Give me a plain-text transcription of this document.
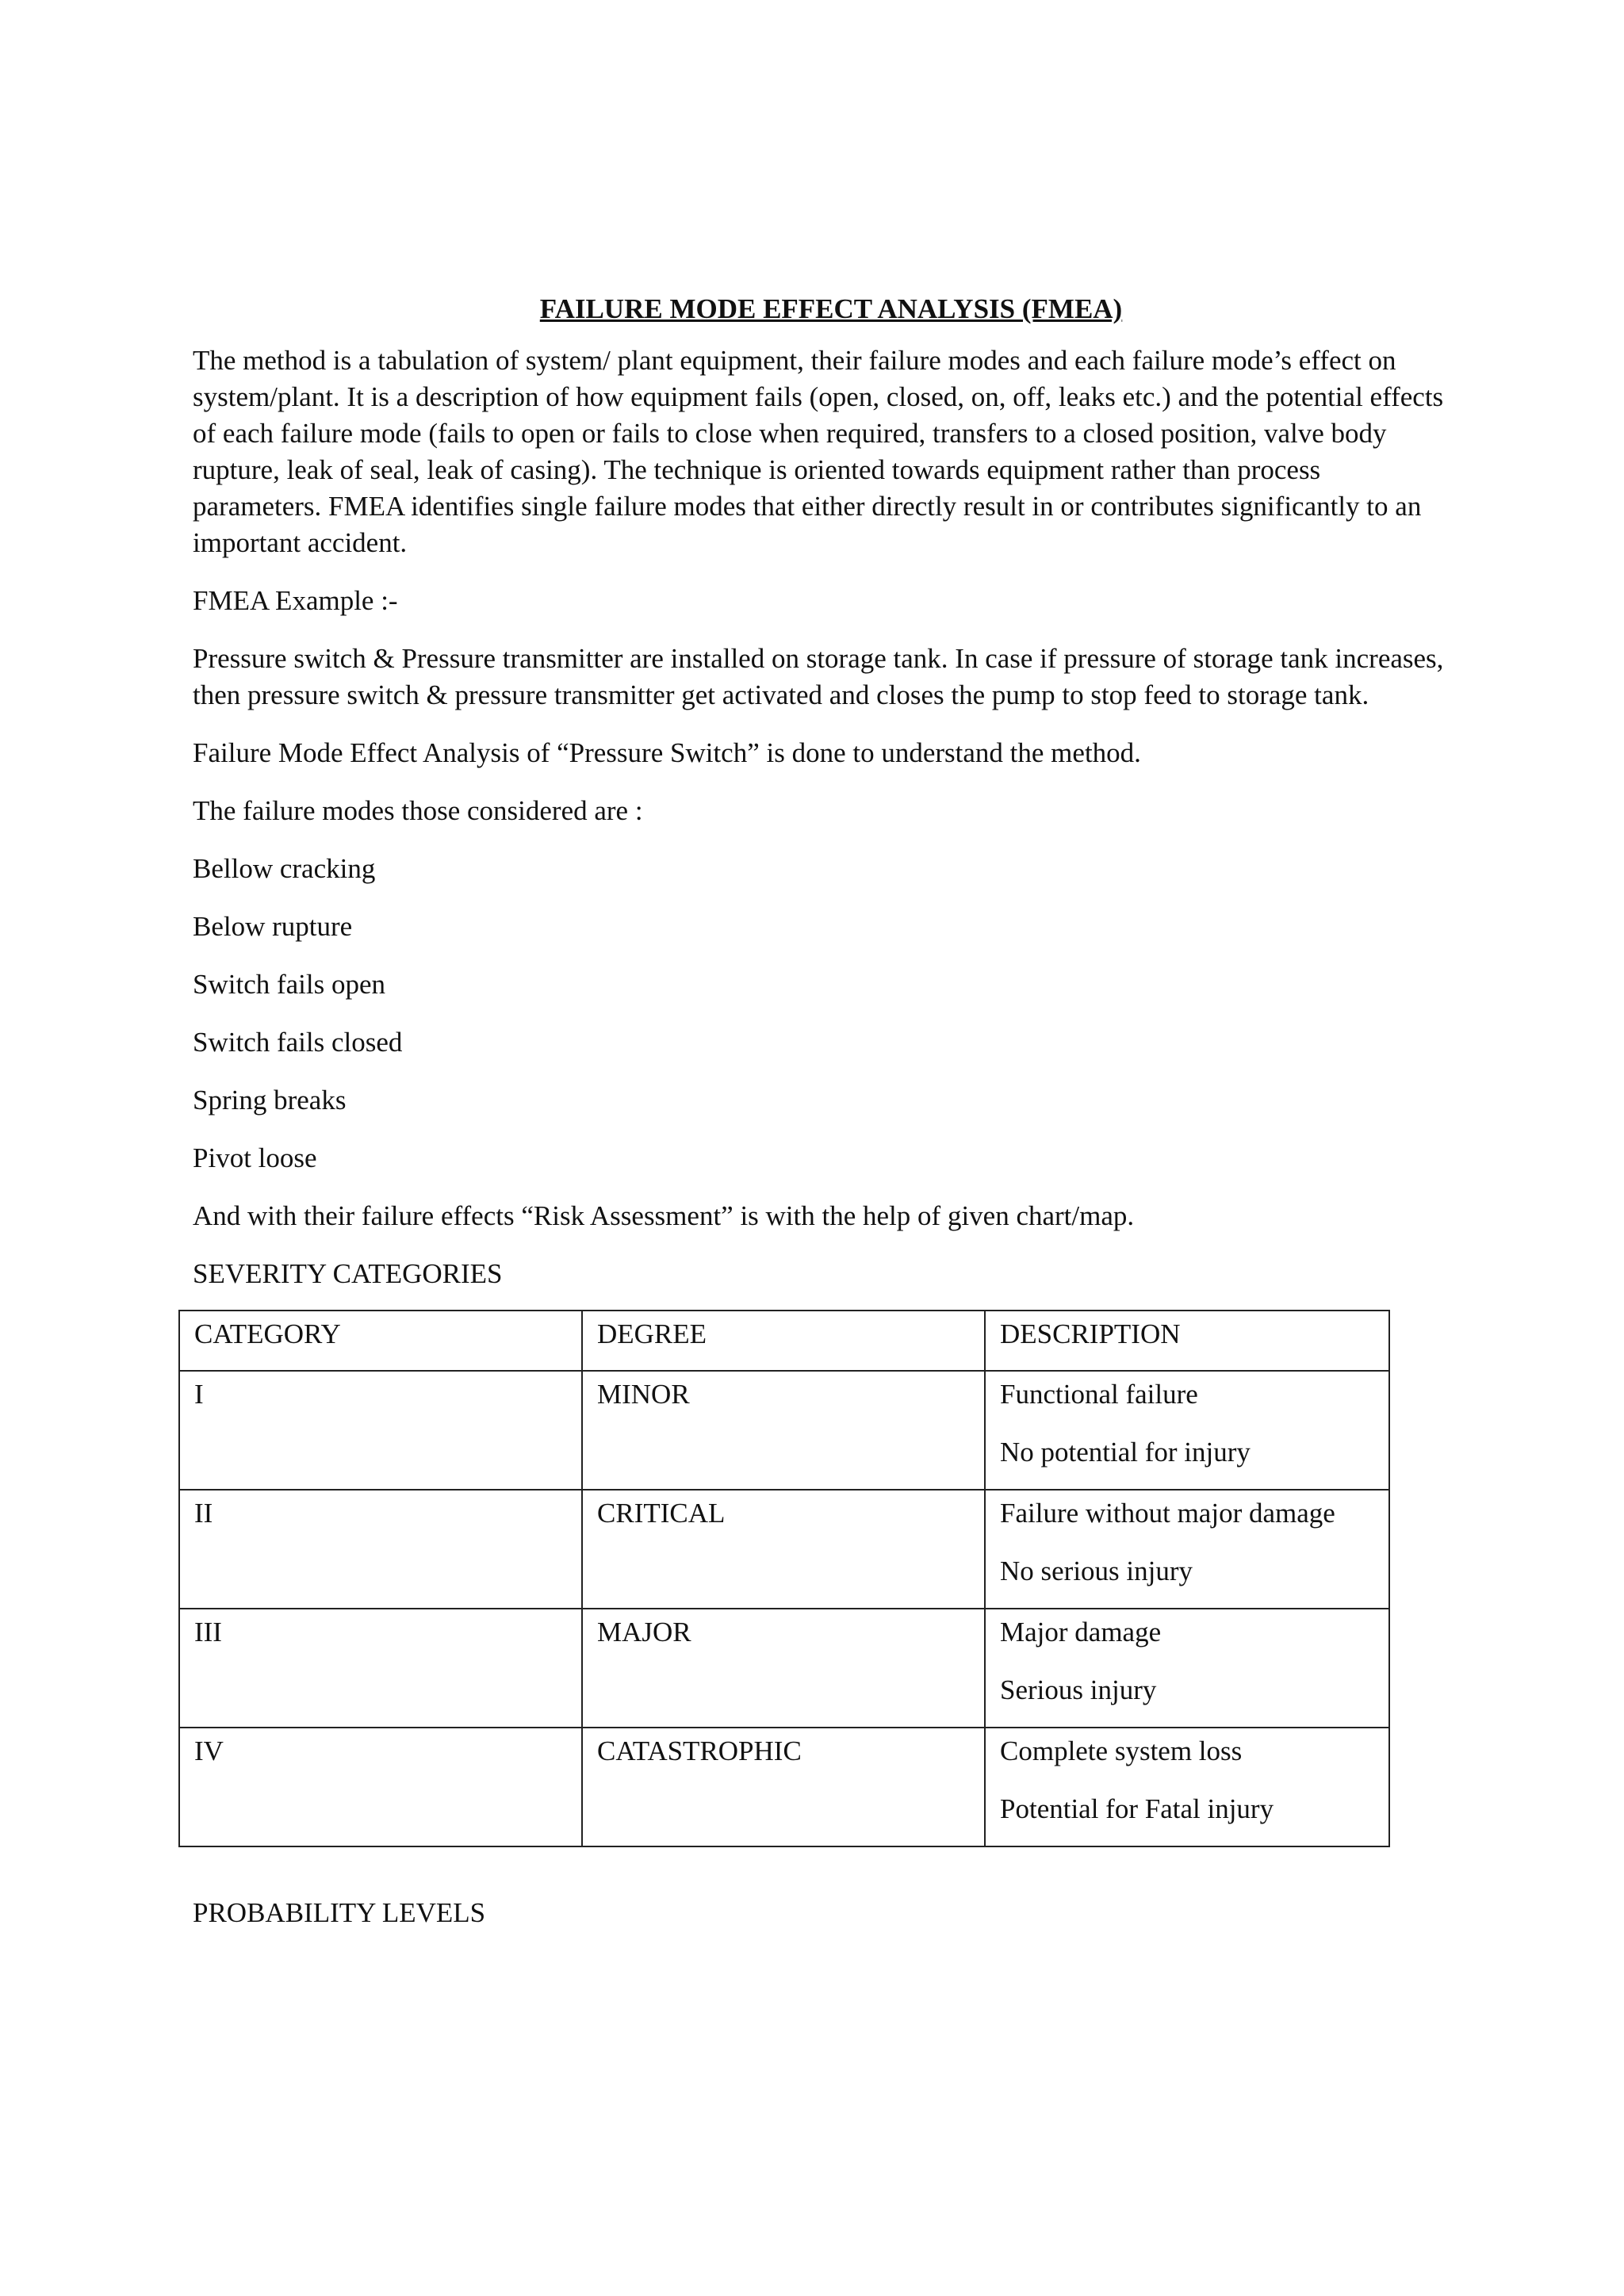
FAILURE MODE EFFECT ANALYSIS (FMEA)

The method is a tabulation of system/ plant equipment, their failure modes and each failure mode’s effect on system/plant. It is a description of how equipment fails (open, closed, on, off, leaks etc.) and the potential effects of each failure mode (fails to open or fails to close when required, transfers to a closed position, valve body rupture, leak of seal, leak of casing). The technique is oriented towards equipment rather than process parameters. FMEA identifies single failure modes that either directly result in or contributes significantly to an important accident.

FMEA Example :-

Pressure switch & Pressure transmitter are installed on storage tank. In case if pressure of storage tank increases, then pressure switch & pressure transmitter get activated and closes the pump to stop feed to storage tank.

Failure Mode Effect Analysis of “Pressure Switch” is done to understand the method.

The failure modes those considered are :

Bellow cracking

Below rupture

Switch fails open

Switch fails closed

Spring breaks

Pivot loose

And with their failure effects “Risk Assessment” is with the help of given chart/map.

SEVERITY CATEGORIES

CATEGORY	DEGREE	DESCRIPTION
I	MINOR	Functional failure
No potential for injury

II	CRITICAL	Failure without major damage
No serious injury

III	MAJOR	Major damage
Serious injury

IV	CATASTROPHIC	Complete system loss
Potential for Fatal injury

PROBABILITY LEVELS
